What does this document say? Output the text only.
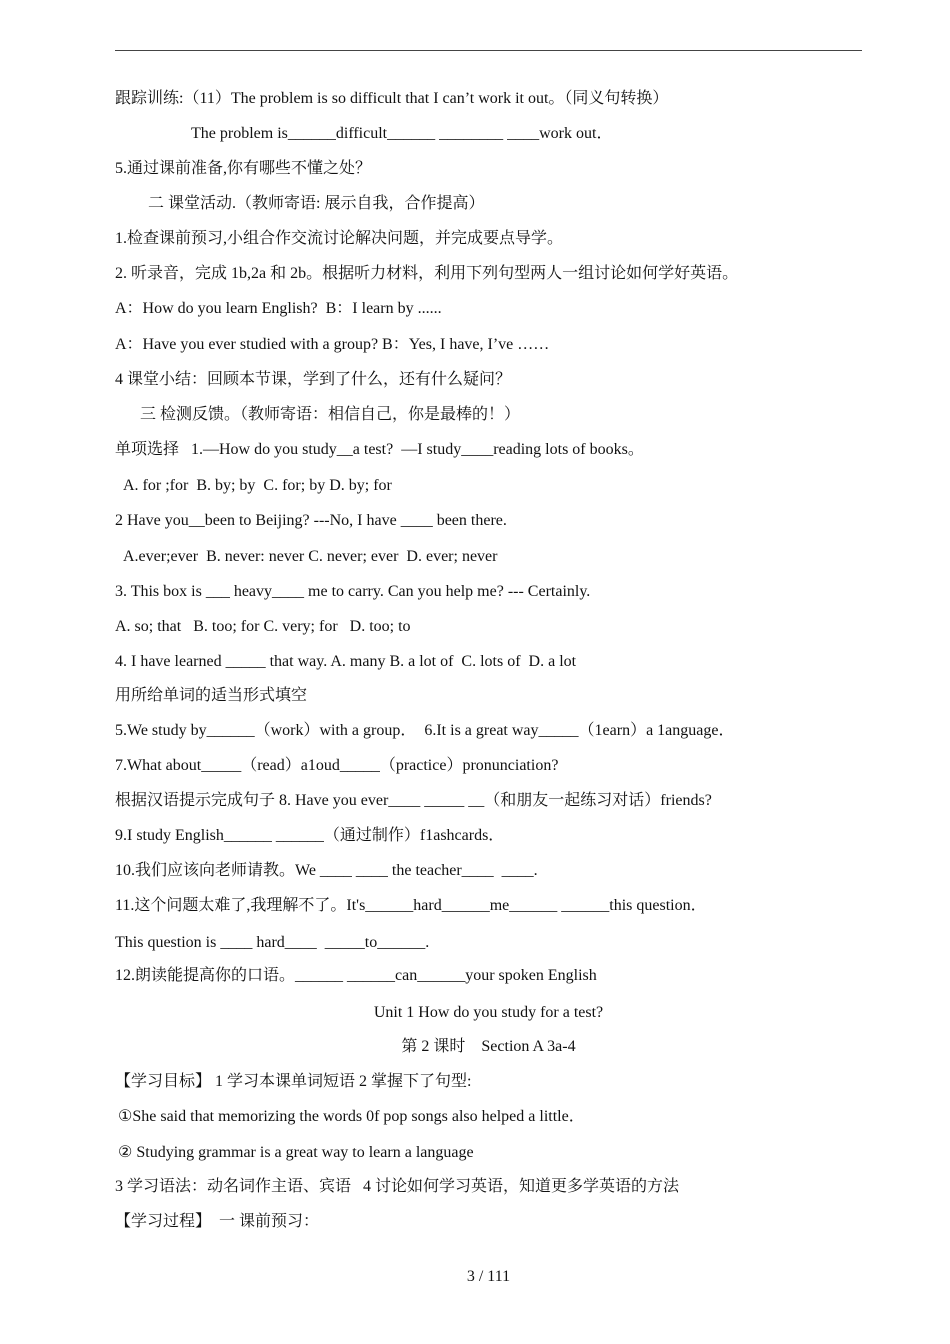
跟踪训练:（11）The problem is so difficult that I can’t work it out。（同义句转换）
The problem is______difficult______ ________ ____work out．
5.通过课前准备,你有哪些不懂之处？
二 课堂活动.（教师寄语: 展示自我，合作提高）
1.检查课前预习,小组合作交流讨论解决问题，并完成要点导学。
2. 听录音，完成 1b,2a 和 2b。根据听力材料，利用下列句型两人一组讨论如何学好英语。
A：How do you learn English?  B：I learn by ......
A：Have you ever studied with a group? B：Yes, I have, I’ve ……
4 课堂小结：回顾本节课，学到了什么，还有什么疑问？
三 检测反馈。（教师寄语：相信自己，你是最棒的！）
单项选择   1.—How do you study__a test?  —I study____reading lots of books。
A. for ;for  B. by; by  C. for; by D. by; for
2 Have you__been to Beijing? ---No, I have ____ been there.
A.ever;ever  B. never: never C. never; ever  D. ever; never
3. This box is ___ heavy____ me to carry. Can you help me? --- Certainly.
A. so; that   B. too; for C. very; for   D. too; to
4. I have learned _____ that way. A. many B. a lot of  C. lots of  D. a lot
用所给单词的适当形式填空
5.We study by______（work）with a group．  6.It is a great way_____（1earn）a 1anguage．
7.What about_____（read）a1oud_____（practice）pronunciation?
根据汉语提示完成句子 8. Have you ever____ _____ __（和朋友一起练习对话）friends?
9.I study English______ ______（通过制作）f1ashcards．
10.我们应该向老师请教。We ____ ____ the teacher____  ____.
11.这个问题太难了,我理解不了。It's______hard______me______ ______this question．
This question is ____ hard____  _____to______.
12.朗读能提高你的口语。______ ______can______your spoken English
Unit 1 How do you study for a test?
第 2 课时    Section A 3a-4
【学习目标】 1 学习本课单词短语 2 掌握下了句型:
①She said that memorizing the words 0f pop songs also helped a little．
② Studying grammar is a great way to learn a language
3 学习语法：动名词作主语、宾语   4 讨论如何学习英语，知道更多学英语的方法
【学习过程】  一 课前预习：
3 / 111
